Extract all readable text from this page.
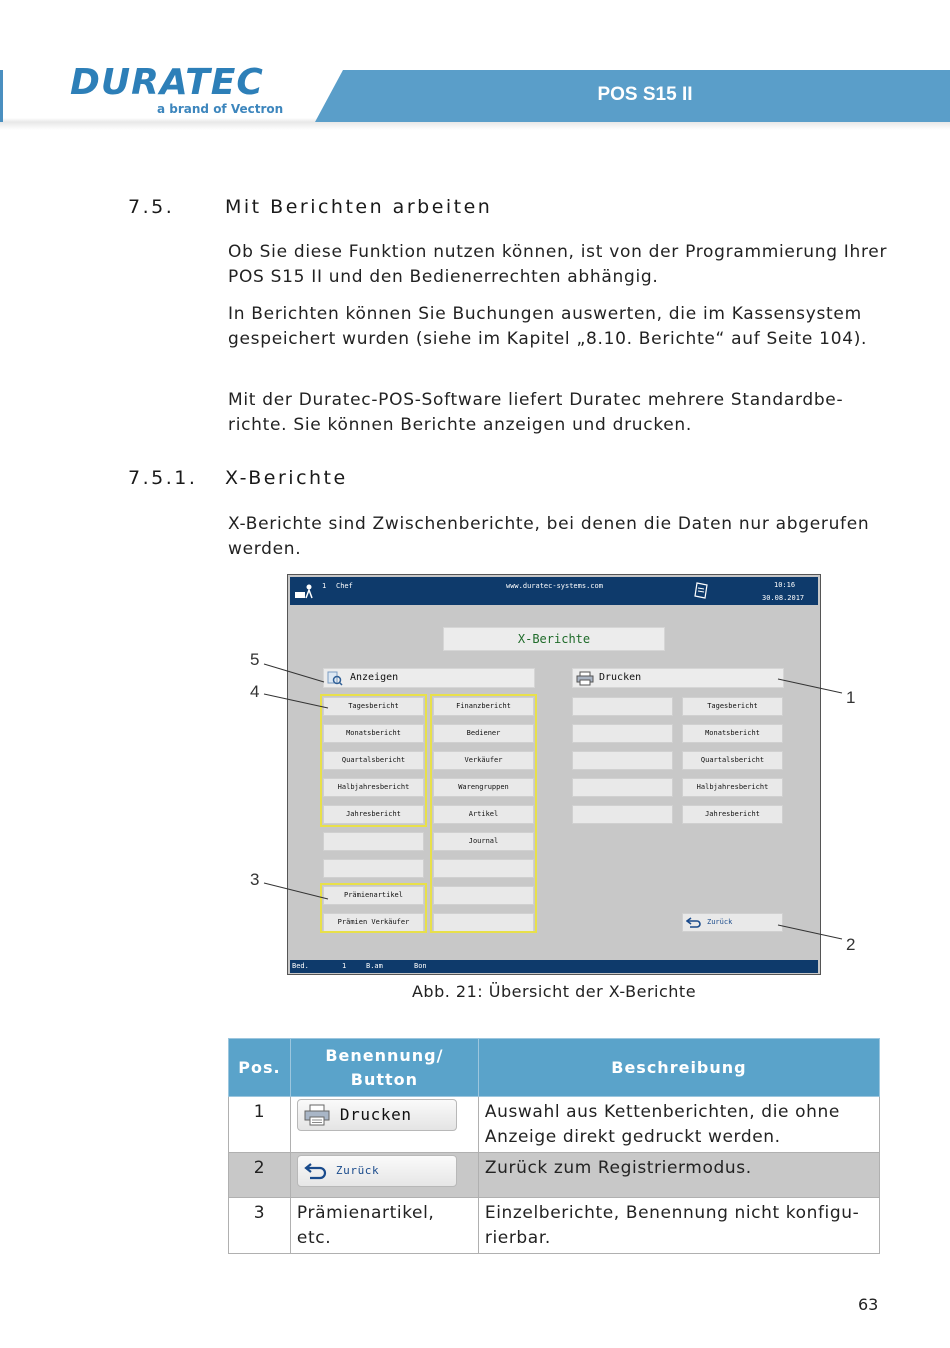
DURATEC
a brand of Vectron
POS S15 II
7.5.	Mit Berichten arbeiten
Ob Sie diese Funktion nutzen können, ist von der Programmierung Ihrer POS S15 II und den Bedienerrechten abhängig.
In Berichten können Sie Buchungen auswerten, die im Kassensystem gespeichert wurden (siehe im Kapitel „8.10. Berichte“ auf Seite 104).
Mit der Duratec-POS-Software liefert Duratec mehrere Standardbe-richte. Sie können Berichte anzeigen und drucken.
7.5.1. X-Berichte
X-Berichte sind Zwischenberichte, bei denen die Daten nur abgerufen werden.
1 Chef	www.duratec-systems.com	10:16
30.08.2017
X-Berichte
Anzeigen	Drucken
Tagesbericht
Monatsbericht
Quartalsbericht
Halbjahresbericht
Jahresbericht
Prämienartikel
Prämien Verkäufer
Finanzbericht
Bediener
Verkäufer
Warengruppen
Artikel
Journal
Tagesbericht
Monatsbericht
Quartalsbericht
Halbjahresbericht
Jahresbericht
Zurück
Bed.	1	B.am	Bon
5
4
3
1
2
Abb. 21: Übersicht der X-Berichte
Pos.	Benennung/ Button	Beschreibung
1	Drucken	Auswahl aus Kettenberichten, die ohne Anzeige direkt gedruckt werden.
2	Zurück	Zurück zum Registriermodus.
3	Prämienartikel, etc.	Einzelberichte, Benennung nicht konfigu-rierbar.
63
